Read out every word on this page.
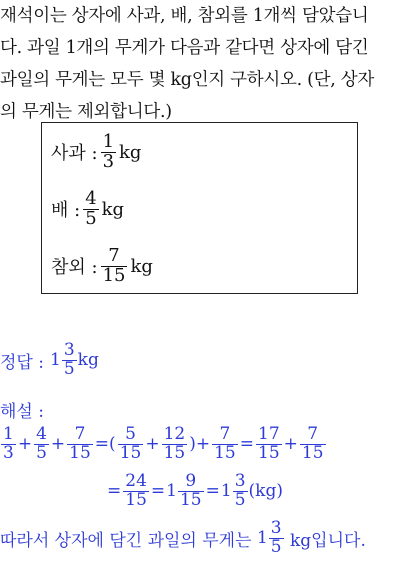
재석이는 상자에 사과, 배, 참외를 1개씩 담았습니
다. 과일 1개의 무게가 다음과 같다면 상자에 담긴
과일의 무게는 모두 몇 kg인지 구하시오. (단, 상자
의 무게는 제외합니다.)
사과 : $\frac{1}{3}$ kg
배 : $\frac{4}{5}$ kg
참외 : $\frac{7}{15}$ kg
정답 : $1 \frac{3}{5}$ kg
해설 :
$\frac{1}{3} + \frac{4}{5} + \frac{7}{15}$ =( $\frac{5}{15} + \frac{12}{15}$ )+ $\frac{7}{15} = \frac{17}{15} + \frac{7}{15}$
= $\frac{24}{15} = 1 \frac{9}{15} = 1 \frac{3}{5} (kg)$
따라서 상자에 담긴 과일의 무게는 $1 \frac{3}{5}$ kg입니다.
